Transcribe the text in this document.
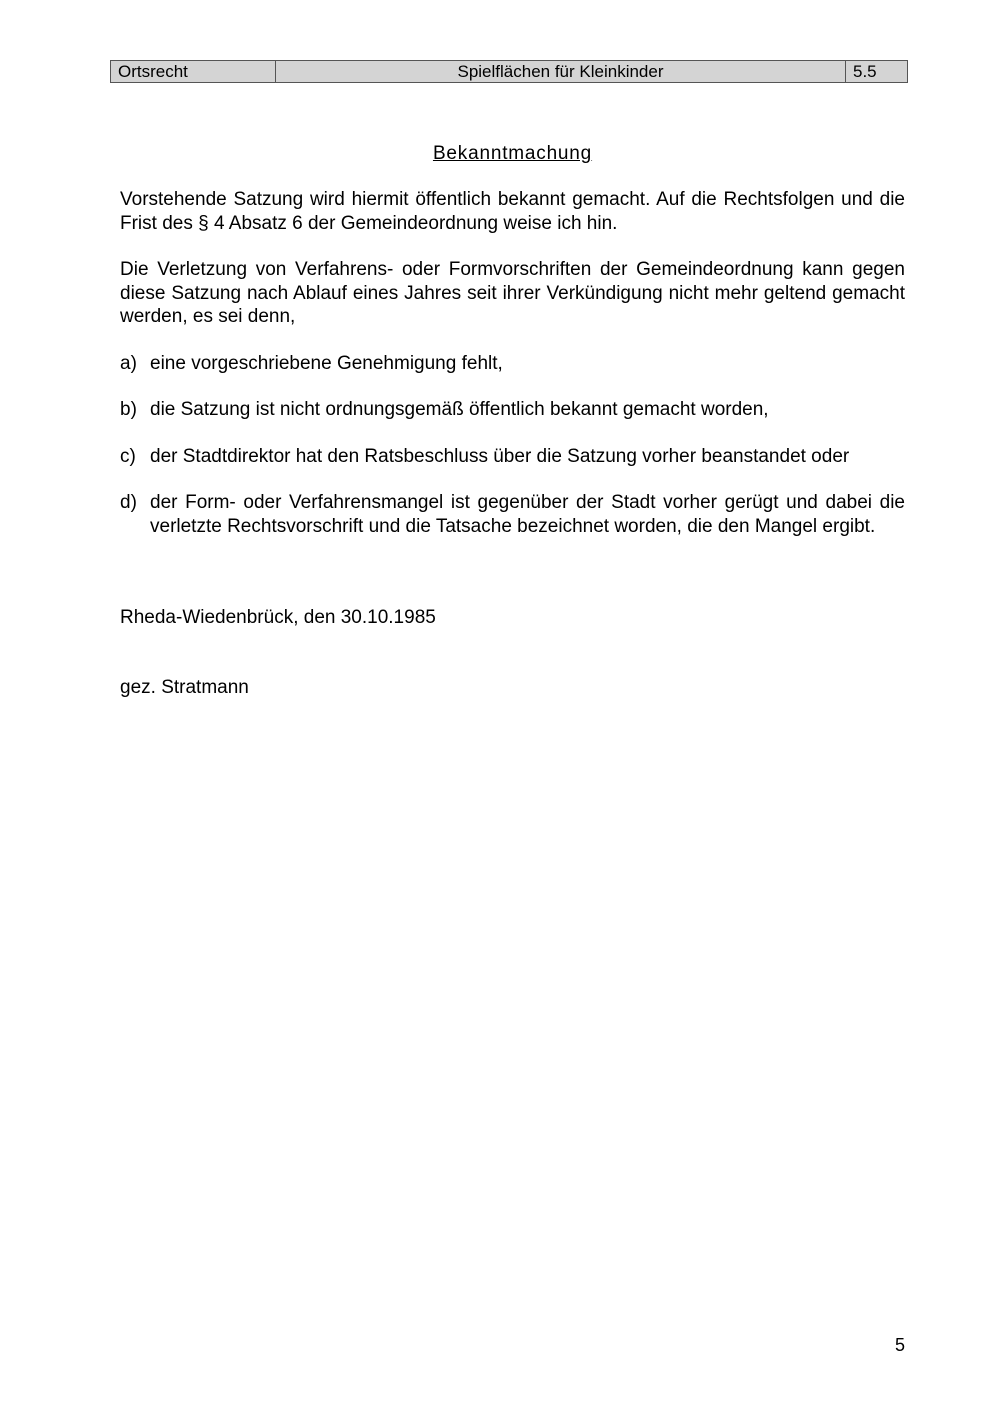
Ortsrecht	Spielflächen für Kleinkinder	5.5
Bekanntmachung

Vorstehende Satzung wird hiermit öffentlich bekannt gemacht. Auf die Rechtsfolgen und die Frist des § 4 Absatz 6 der Gemeindeordnung weise ich hin.

Die Verletzung von Verfahrens- oder Formvorschriften der Gemeindeordnung kann gegen diese Satzung nach Ablauf eines Jahres seit ihrer Verkündigung nicht mehr geltend gemacht werden, es sei denn,

a) eine vorgeschriebene Genehmigung fehlt,
b) die Satzung ist nicht ordnungsgemäß öffentlich bekannt gemacht worden,
c) der Stadtdirektor hat den Ratsbeschluss über die Satzung vorher beanstandet oder
d) der Form- oder Verfahrensmangel ist gegenüber der Stadt vorher gerügt und dabei die verletzte Rechtsvorschrift und die Tatsache bezeichnet worden, die den Mangel ergibt.
Rheda-Wiedenbrück, den 30.10.1985
gez. Stratmann
5
